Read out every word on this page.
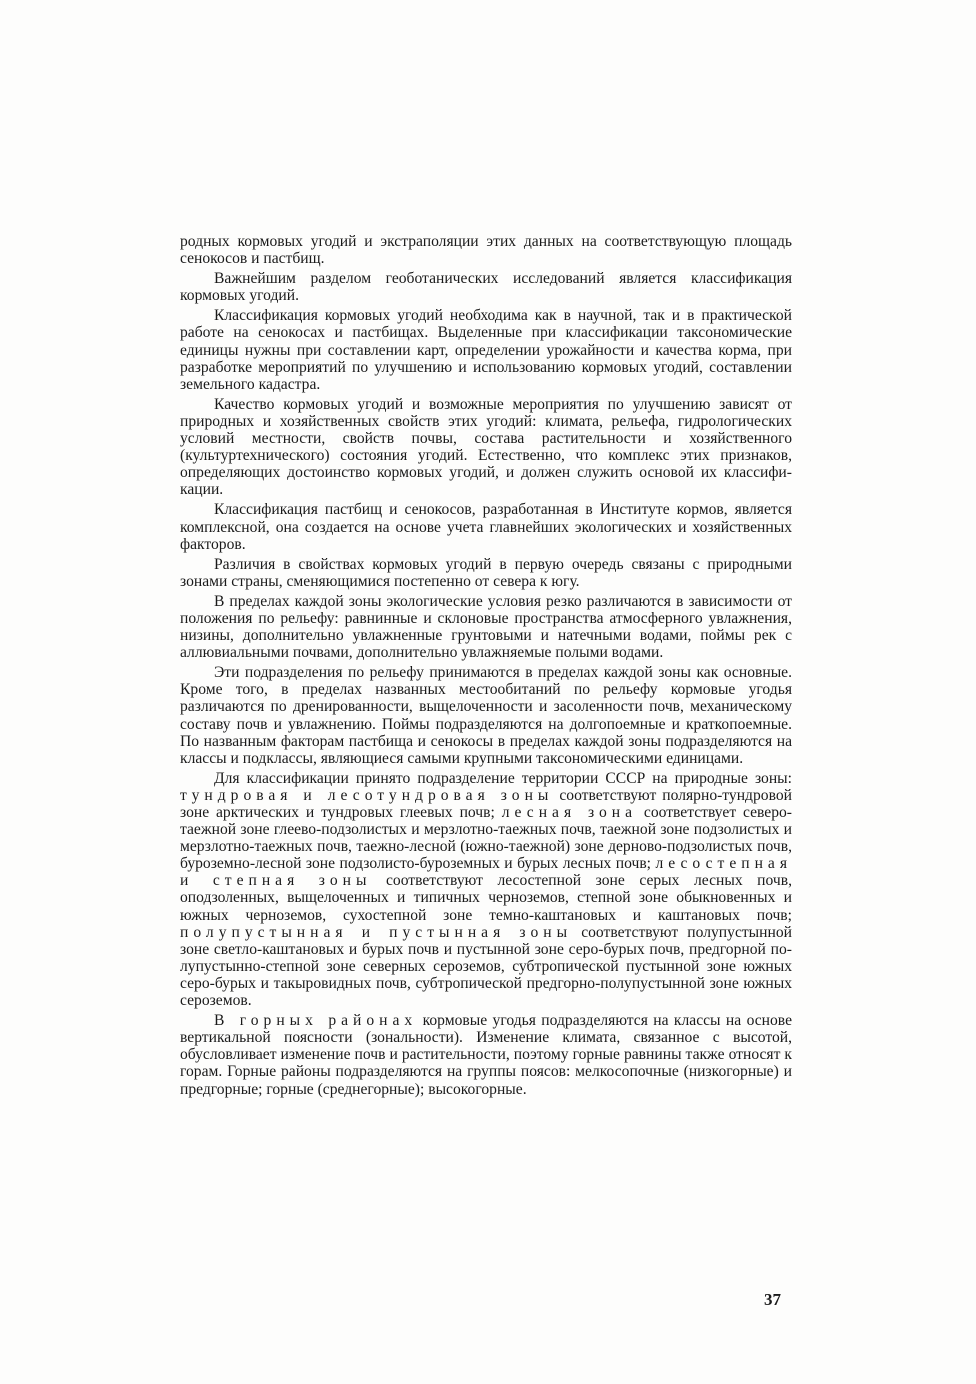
родных кормовых угодий и экстраполяции этих данных на соответствующую площадь сенокосов и пастбищ.

Важнейшим разделом геоботанических исследований является классификация кормовых угодий.

Классификация кормовых угодий необходима как в научной, так и в практической работе на сенокосах и пастбищах. Выделенные при классификации таксономические единицы нужны при составлении карт, определении урожайности и качества корма, при разработке мероприятий по улучшению и использованию кормовых угодий, составлении земельного кадастра.

Качество кормовых угодий и возможные мероприятия по улучшению зависят от природных и хозяйственных свойств этих угодий: климата, рельефа, гидрологических условий местности, свойств почвы, состава растительности и хозяйственного (культуртехнического) состояния угодий. Естественно, что комплекс этих признаков, определяющих достоинство кормовых угодий, и должен служить основой их классификации.

Классификация пастбищ и сенокосов, разработанная в Институте кормов, является комплексной, она создается на основе учета главнейших экологических и хозяйственных факторов.

Различия в свойствах кормовых угодий в первую очередь связаны с природными зонами страны, сменяющимися постепенно от севера к югу.

В пределах каждой зоны экологические условия резко различаются в зависимости от положения по рельефу: равнинные и склоновые пространства атмосферного увлажнения, низины, дополнительно увлажненные грунтовыми и натечными водами, поймы рек с аллювиальными почвами, дополнительно увлажняемые полыми водами.

Эти подразделения по рельефу принимаются в пределах каждой зоны как основные. Кроме того, в пределах названных местообитаний по рельефу кормовые угодья различаются по дренированности, выщелоченности и засоленности почв, механическому составу почв и увлажнению. Поймы подразделяются на долгопоемные и краткопоемные. По названным факторам пастбища и сенокосы в пределах каждой зоны подразделяются на классы и подклассы, являющиеся самыми крупными таксономическими единицами.

Для классификации принято подразделение территории СССР на природные зоны: тундровая и лесотундровая зоны соответствуют полярно-тундровой зоне арктических и тундровых глеевых почв; лесная зона соответствует северо-таежной зоне глеево-подзолистых и мерзлотно-таежных почв, таежной зоне подзолистых и мерзлотно-таежных почв, таежно-лесной (южно-таежной) зоне дерново-подзолистых почв, буроземно-лесной зоне подзолисто-буроземных и бурых лесных почв; лесостепная и степная зоны соответствуют лесостепной зоне серых лесных почв, оподзоленных, выщелоченных и типичных черноземов, степной зоне обыкновенных и южных черноземов, сухостепной зоне темно-каштановых и каштановых почв; полупустынная и пустынная зоны соответствуют полупустынной зоне светло-каштановых и бурых почв и пустынной зоне серо-бурых почв, предгорной полупустынно-степной зоне северных сероземов, субтропической пустынной зоне южных серо-бурых и такыровидных почв, субтропической предгорно-полупустынной зоне южных сероземов.

В горных районах кормовые угодья подразделяются на классы на основе вертикальной поясности (зональности). Изменение климата, связанное с высотой, обусловливает изменение почв и растительности, поэтому горные равнины также относят к горам. Горные районы подразделяются на группы поясов: мелкосопочные (низкогорные) и предгорные; горные (среднегорные); высокогорные.

37
